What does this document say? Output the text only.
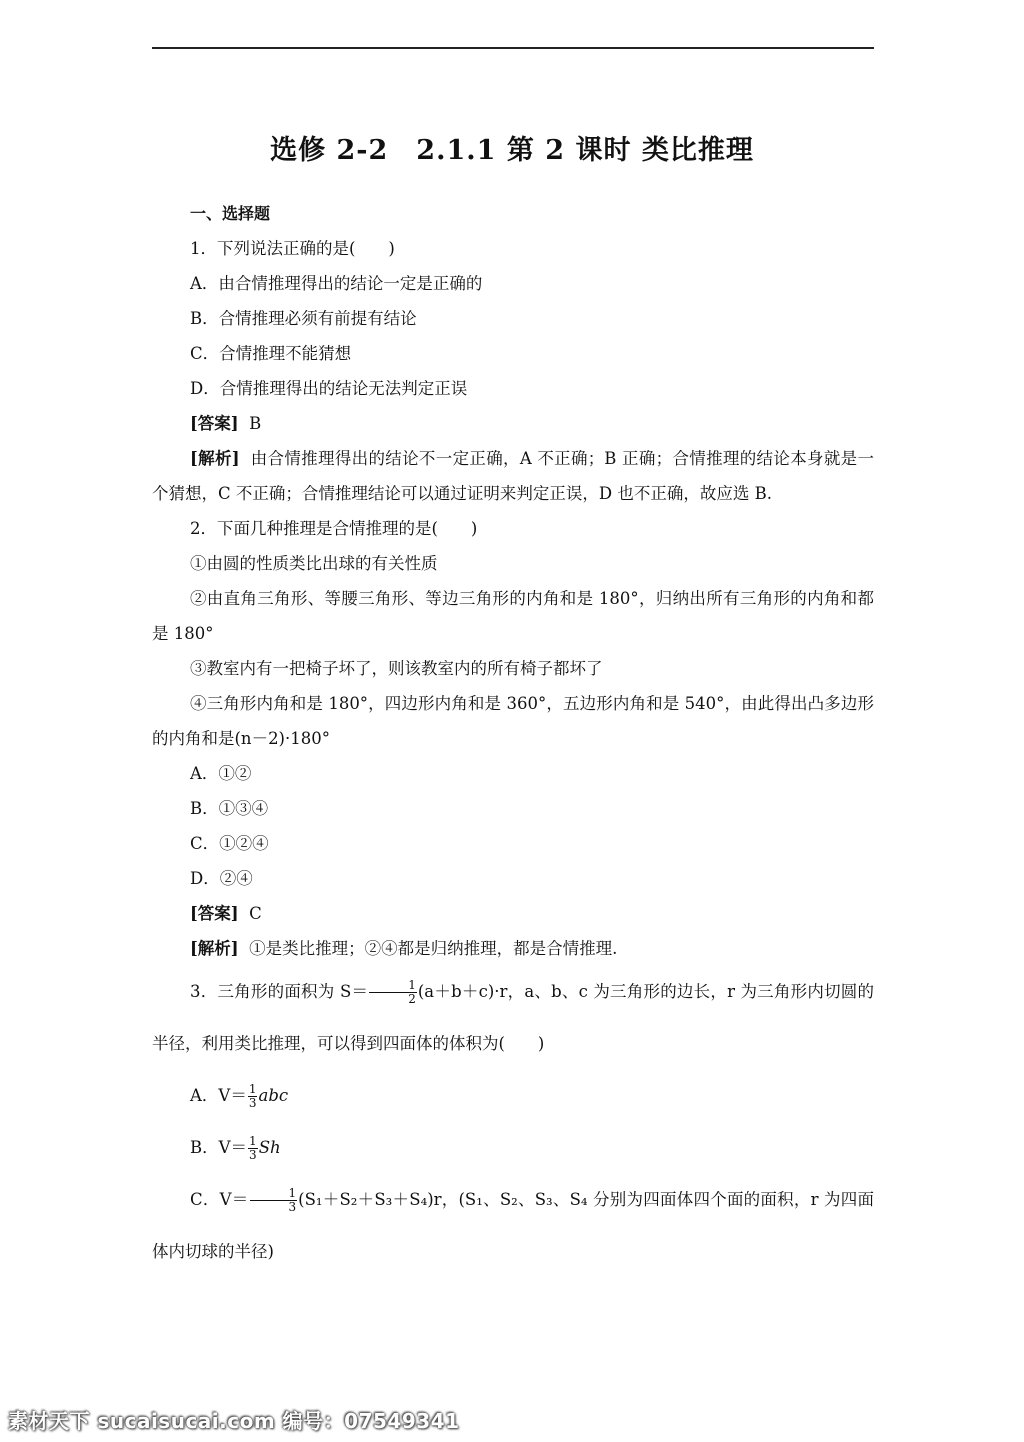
选修 2-2　2.1.1 第 2 课时 类比推理
一、选择题
1．下列说法正确的是(　　)
A．由合情推理得出的结论一定是正确的
B．合情推理必须有前提有结论
C．合情推理不能猜想
D．合情推理得出的结论无法判定正误
[答案] B
[解析] 由合情推理得出的结论不一定正确，A 不正确；B 正确；合情推理的结论本身就是一个猜想，C 不正确；合情推理结论可以通过证明来判定正误，D 也不正确，故应选 B.
2．下面几种推理是合情推理的是(　　)
①由圆的性质类比出球的有关性质
②由直角三角形、等腰三角形、等边三角形的内角和是 180°，归纳出所有三角形的内角和都是 180°
③教室内有一把椅子坏了，则该教室内的所有椅子都坏了
④三角形内角和是 180°，四边形内角和是 360°，五边形内角和是 540°，由此得出凸多边形的内角和是(n－2)·180°
A．①②
B．①③④
C．①②④
D．②④
[答案] C
[解析] ①是类比推理；②④都是归纳推理，都是合情推理.
3．三角形的面积为 $S= \frac{1}{2} (a+b+c)\cdot r$，a、b、c 为三角形的边长，r 为三角形内切圆的半径，利用类比推理，可以得到四面体的体积为(　　)
A．$V= \frac{1}{3}$ abc
B．$V= \frac{1}{3}$ Sh
C．$V= \frac{1}{3} (S_1+S_2+S_3+S_4)r$，(S₁、S₂、S₃、S₄ 分别为四面体四个面的面积，r 为四面体内切球的半径)
素材天下 sucaisucai.com 编号：07549341
